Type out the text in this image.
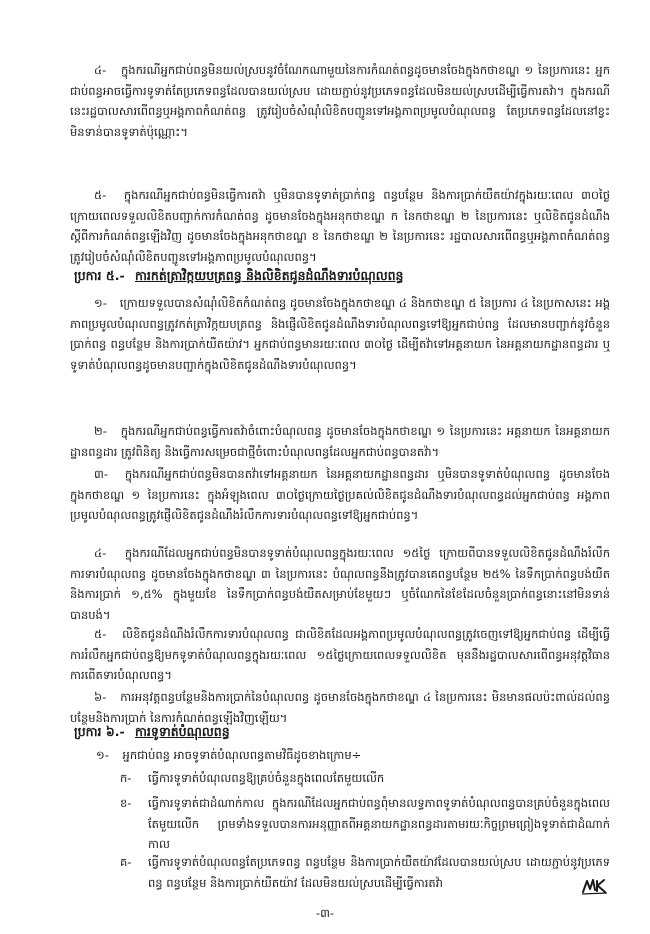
៤- ក្នុងករណីអ្នកជាប់ពន្ធមិនយល់ស្របនូវចំណែកណាមួយនៃការកំណត់ពន្ធដូចមានចែងក្នុងកថាខណ្ឌ ១ នៃប្រការនេះ អ្នកជាប់ពន្ធអាចធ្វើការទូទាត់តែប្រភេទពន្ធដែលបានយល់ស្រប ដោយភ្ជាប់នូវប្រភេទពន្ធដែលមិនយល់ស្របដើម្បីធ្វើការតវ៉ា។ ក្នុងករណីនេះរដ្ឋបាលសារពើពន្ធឬអង្គភាពកំណត់ពន្ធ ត្រូវរៀបចំសំណុំលិខិតបញ្ជូនទៅអង្គភាពប្រមូលបំណុលពន្ធ តែប្រភេទពន្ធដែលនៅខ្វះមិនទាន់បានទូទាត់ប៉ុណ្ណោះ។

៥- ក្នុងករណីអ្នកជាប់ពន្ធមិនធ្វើការតវ៉ា ឬមិនបានទូទាត់ប្រាក់ពន្ធ ពន្ធបន្ថែម និងការប្រាក់យឺតយ៉ាវក្នុងរយៈពេល ៣០ថ្ងៃ ក្រោយពេលទទួលលិខិតបញ្ជាក់ការកំណត់ពន្ធ ដូចមានចែងក្នុងអនុកថាខណ្ឌ ក នៃកថាខណ្ឌ ២ នៃប្រការនេះ ឬលិខិតជូនដំណឹងស្តីពីការកំណត់ពន្ធឡើងវិញ ដូចមានចែងក្នុងអនុកថាខណ្ឌ ខ នៃកថាខណ្ឌ ២ នៃប្រការនេះ រដ្ឋបាលសារពើពន្ធឬអង្គភាពកំណត់ពន្ធ ត្រូវរៀបចំសំណុំលិខិតបញ្ជូនទៅអង្គភាពប្រមូលបំណុលពន្ធ។

ប្រការ ៥.- ការកត់ត្រាវិក្កយបត្រពន្ធ និងលិខិតជូនដំណឹងទារបំណុលពន្ធ

១- ក្រោយទទួលបានសំណុំលិខិតកំណត់ពន្ធ ដូចមានចែងក្នុងកថាខណ្ឌ ៤ និងកថាខណ្ឌ ៥ នៃប្រការ ៤ នៃប្រកាសនេះ អង្គភាពប្រមូលបំណុលពន្ធត្រូវកត់ត្រាវិក្កយបត្រពន្ធ និងផ្ញើលិខិតជូនដំណឹងទារបំណុលពន្ធទៅឱ្យអ្នកជាប់ពន្ធ ដែលមានបញ្ជាក់នូវចំនួនប្រាក់ពន្ធ ពន្ធបន្ថែម និងការប្រាក់យឺតយ៉ាវ។ អ្នកជាប់ពន្ធមានរយៈពេល ៣០ថ្ងៃ ដើម្បីតវ៉ាទៅអគ្គនាយក នៃអគ្គនាយកដ្ឋានពន្ធដារ ឬទូទាត់បំណុលពន្ធដូចមានបញ្ជាក់ក្នុងលិខិតជូនដំណឹងទារបំណុលពន្ធ។

២- ក្នុងករណីអ្នកជាប់ពន្ធធ្វើការតវ៉ាចំពោះបំណុលពន្ធ ដូចមានចែងក្នុងកថាខណ្ឌ ១ នៃប្រការនេះ អគ្គនាយក នៃអគ្គនាយកដ្ឋានពន្ធដារ ត្រូវពិនិត្យ និងធ្វើការសម្រេចជាថ្មីចំពោះបំណុលពន្ធដែលអ្នកជាប់ពន្ធបានតវ៉ា។

៣- ក្នុងករណីអ្នកជាប់ពន្ធមិនបានតវ៉ាទៅអគ្គនាយក នៃអគ្គនាយកដ្ឋានពន្ធដារ ឬមិនបានទូទាត់បំណុលពន្ធ ដូចមានចែងក្នុងកថាខណ្ឌ ១ នៃប្រការនេះ ក្នុងអំឡុងពេល ៣០ថ្ងៃក្រោយថ្ងៃប្រគល់លិខិតជូនដំណឹងទារបំណុលពន្ធដល់អ្នកជាប់ពន្ធ អង្គភាពប្រមូលបំណុលពន្ធត្រូវផ្ញើលិខិតជូនដំណឹងរំលឹកការទារបំណុលពន្ធទៅឱ្យអ្នកជាប់ពន្ធ។

៤- ក្នុងករណីដែលអ្នកជាប់ពន្ធមិនបានទូទាត់បំណុលពន្ធក្នុងរយៈពេល ១៥ថ្ងៃ ក្រោយពីបានទទួលលិខិតជូនដំណឹងរំលឹកការទារបំណុលពន្ធ ដូចមានចែងក្នុងកថាខណ្ឌ ៣ នៃប្រការនេះ បំណុលពន្ធនឹងត្រូវបានគេពន្ធបន្ថែម ២៥% នៃទឹកប្រាក់ពន្ធបង់យឺត និងការប្រាក់ ១,៥% ក្នុងមួយខែ នៃទឹកប្រាក់ពន្ធបង់យឺតសម្រាប់ខែមួយៗ ឬចំណែកនៃខែដែលចំនួនប្រាក់ពន្ធនោះនៅមិនទាន់បានបង់។

៥- លិខិតជូនដំណឹងរំលឹកការទារបំណុលពន្ធ ជាលិខិតដែលអង្គភាពប្រមូលបំណុលពន្ធត្រូវចេញទៅឱ្យអ្នកជាប់ពន្ធ ដើម្បីធ្វើការរំលឹកអ្នកជាប់ពន្ធឱ្យមកទូទាត់បំណុលពន្ធក្នុងរយៈពេល ១៥ថ្ងៃក្រោយពេលទទួលលិខិត មុននឹងរដ្ឋបាលសារពើពន្ធអនុវត្តវិធានការពើតទារបំណុលពន្ធ។

៦- ការអនុវត្តពន្ធបន្ថែមនិងការប្រាក់នៃបំណុលពន្ធ ដូចមានចែងក្នុងកថាខណ្ឌ ៤ នៃប្រការនេះ មិនមានផលប៉ះពាល់ដល់ពន្ធបន្ថែមនិងការប្រាក់ នៃការកំណត់ពន្ធឡើងវិញឡើយ។

ប្រការ ៦.- ការទូទាត់បំណុលពន្ធ
១- អ្នកជាប់ពន្ធ អាចទូទាត់បំណុលពន្ធតាមវិធីដូចខាងក្រោម÷
ក- ធ្វើការទូទាត់បំណុលពន្ធឱ្យគ្រប់ចំនួនក្នុងពេលតែមួយលើក
ខ- ធ្វើការទូទាត់ជាដំណាក់កាល ក្នុងករណីដែលអ្នកជាប់ពន្ធពុំមានលទ្ធភាពទូទាត់បំណុលពន្ធបានគ្រប់ចំនួនក្នុងពេលតែមួយលើក ព្រមទាំងទទួលបានការអនុញ្ញាតពីអគ្គនាយកដ្ឋានពន្ធដារតាមរយៈកិច្ចព្រមព្រៀងទូទាត់ជាដំណាក់កាល
គ- ធ្វើការទូទាត់បំណុលពន្ធតែប្រភេទពន្ធ ពន្ធបន្ថែម និងការប្រាក់យឺតយ៉ាវដែលបានយល់ស្រប ដោយភ្ជាប់នូវប្រភេទពន្ធ ពន្ធបន្ថែម និងការប្រាក់យឺតយ៉ាវ ដែលមិនយល់ស្របដើម្បីធ្វើការតវ៉ា
-៣-
